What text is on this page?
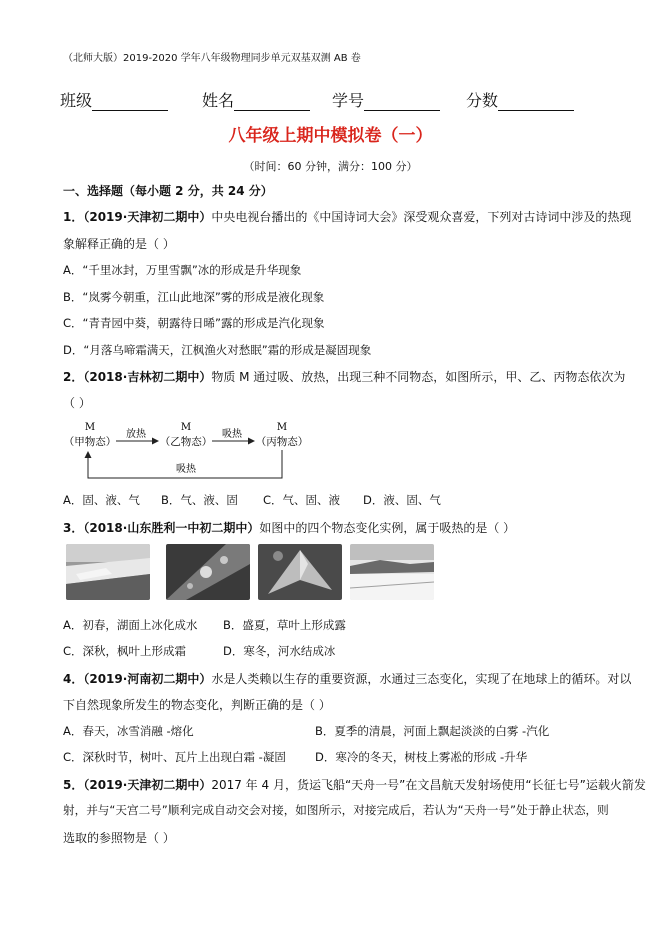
（北师大版）2019-2020 学年八年级物理同步单元双基双测 AB 卷
班级	姓名	学号	分数
八年级上期中模拟卷（一）
（时间：60 分钟，满分：100 分）
一、选择题（每小题 2 分，共 24 分）
1．（2019·天津初二期中）中央电视台播出的《中国诗词大会》深受观众喜爱，下列对古诗词中涉及的热现
象解释正确的是（ ）
A．“千里冰封，万里雪飘”冰的形成是升华现象
B．“岚雾今朝重，江山此地深”雾的形成是液化现象
C．“青青园中葵，朝露待日晞”露的形成是汽化现象
D．“月落乌啼霜满天，江枫渔火对愁眠”霜的形成是凝固现象
2．（2018·吉林初二期中）物质 M 通过吸、放热，出现三种不同物态，如图所示，甲、乙、丙物态依次为
（ ）
M	M	M
（甲物态）	（乙物态）	（丙物态）
放热	吸热
吸热
A．固、液、气 B．气、液、固 C．气、固、液 D．液、固、气
3．（2018·山东胜利一中初二期中）如图中的四个物态变化实例，属于吸热的是（ ）
A．初春，湖面上冰化成水 B．盛夏，草叶上形成露
C．深秋，枫叶上形成霜	D．寒冬，河水结成冰
4．（2019·河南初二期中）水是人类赖以生存的重要资源，水通过三态变化，实现了在地球上的循环。对以
下自然现象所发生的物态变化，判断正确的是（ ）
A．春天，冰雪消融 -熔化	B．夏季的清晨，河面上飘起淡淡的白雾 -汽化
C．深秋时节，树叶、瓦片上出现白霜 -凝固	D．寒冷的冬天，树枝上雾凇的形成 -升华
5．（2019·天津初二期中）2017 年 4 月，货运飞船“天舟一号”在文昌航天发射场使用“长征七号”运载火箭发
射，并与“天宫二号”顺利完成自动交会对接，如图所示，对接完成后，若认为“天舟一号”处于静止状态，则
选取的参照物是（ ）
